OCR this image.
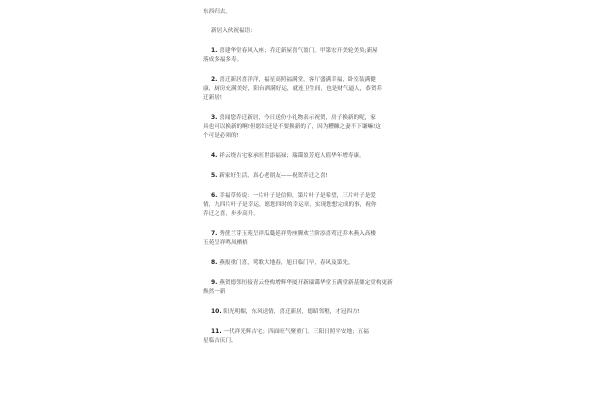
东西归去。
新居入伙祝福语：
1. 喜建华堂春风入座；乔迁新屋喜气盈门。甲第宏开美轮美奂;新屋
落成多福多寿。
2. 喜迁新居喜洋洋，福星高照福满堂，客厅盛满幸福，卧室装满健
康，厨房充满美好，阳台洒满好运，就连卫生间，也是财气逼人，恭贺乔
迁新居!
3. 喜闻您乔迁新居，今日送份小礼物表示祝贺，房子换新的呢，家
具也可以换新的啊!但愿妇还是不要换新的了，因为糟糠之妻不下谦嘛!这
个可是必须的!
4. 祥云绕吉宅家承旺世添福禄；瑞霭盈芳庭人值华年增寿康。
5. 新家好生活，真心老朋友——祝贺乔迁之喜!
6. 幸福草传说：一片叶子是信仰，第片叶子是希望，三片叶子是爱
情，九四片叶子是幸运，愿您四时的幸运章，实现您想完成的事，祝你
乔迁之喜，步步高升。
7. 秀蔗兰芽玉苑呈祥瓜瓞延祥势座腾欢兰阶添喜莺迁乔木燕入高楼
玉苑呈祥鸣凤栖梧
8. 燕报重门喜，莺歌大地春，旭日临门早，春风及第先。
9. 燕贺德邻恒接青云登构增辉华厦开新瑞霭华堂玉满堂新基鼎定堂构更新
焕然一新
10. 阳光明媚，东风送情，喜迁新居，德昭邻壑，才冠四方!
11. 一代祥光辉吉宅；四面旺气聚重门。三阳日照平安地；五福
星临吉庆门。
